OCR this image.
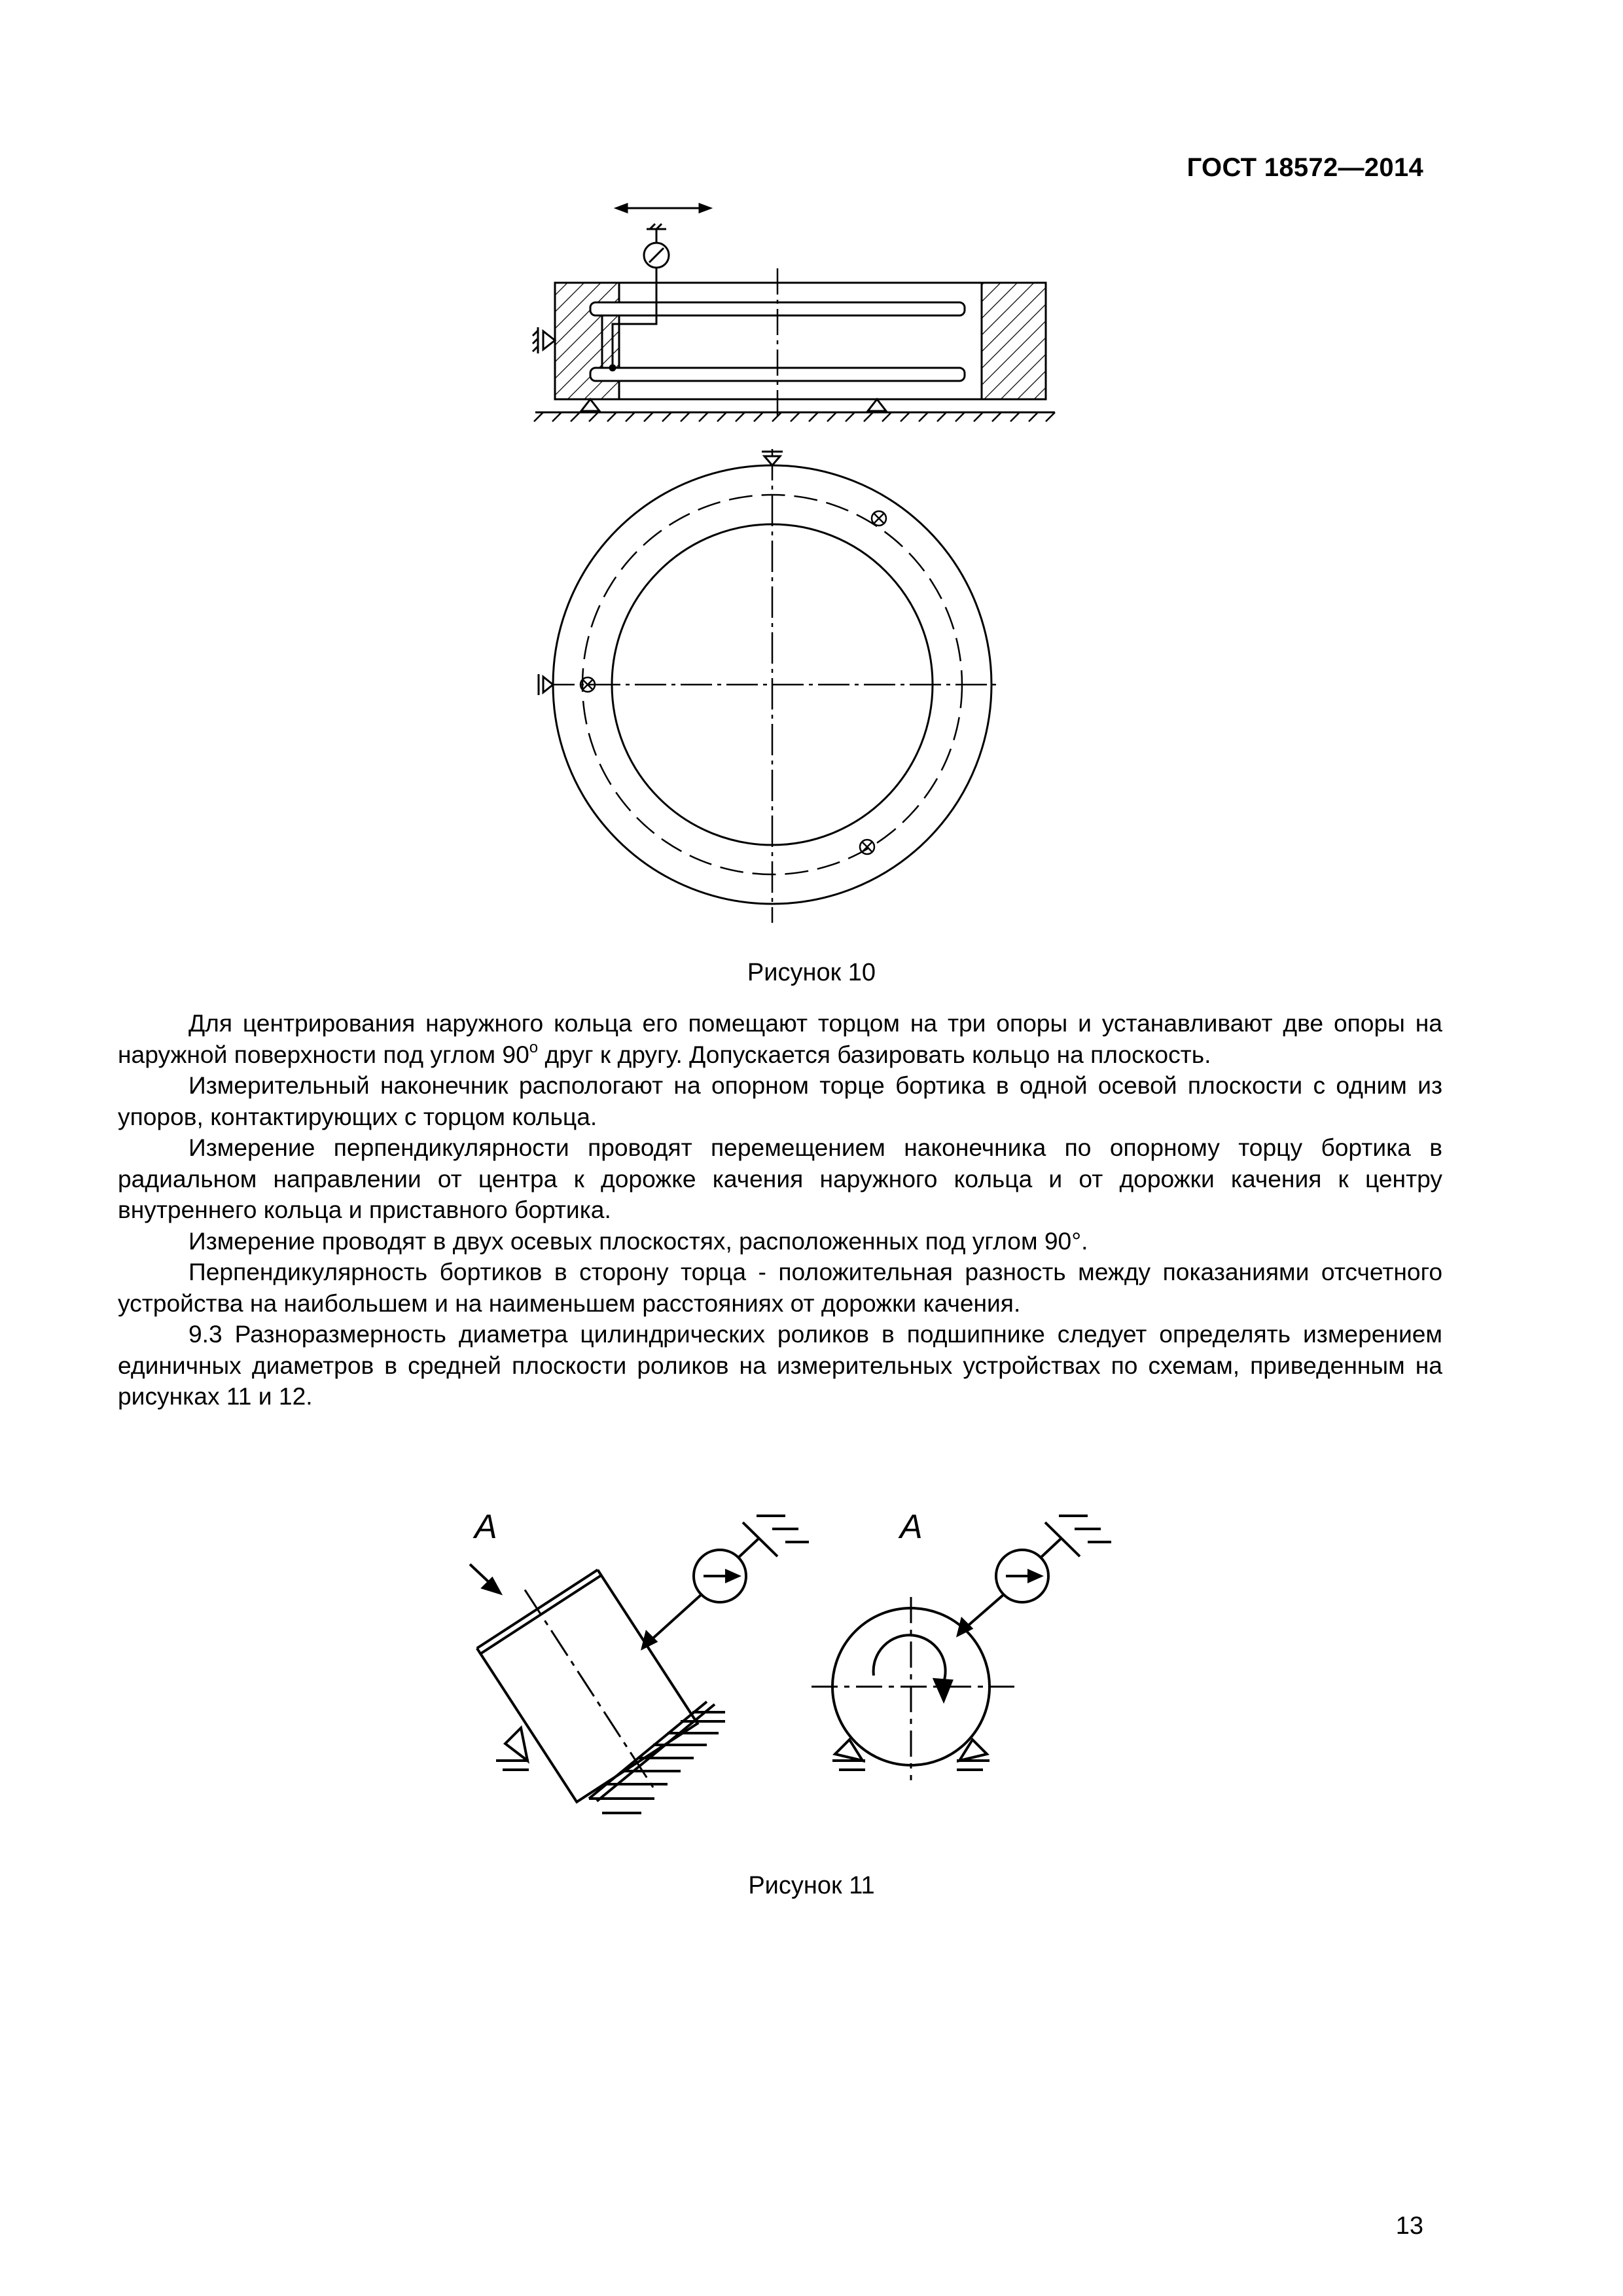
ГОСТ 18572—2014
Рисунок 10

Для центрирования наружного кольца его помещают торцом на три опоры и устанавливают две опоры на наружной поверхности под углом $90^о$ друг к другу. Допускается базировать кольцо на плоскость.

Измерительный наконечник распологают на опорном торце бортика в одной осевой плоскости с одним из упоров, контактирующих с торцом кольца.

Измерение перпендикулярности проводят перемещением наконечника по опорному торцу бортика в радиальном направлении от центра к дорожке качения наружного кольца и от дорожки качения к центру внутреннего кольца и приставного бортика.

Измерение проводят в двух осевых плоскостях, расположенных под углом 90°.

Перпендикулярность бортиков в сторону торца - положительная разность между показаниями отсчетного устройства на наибольшем и на наименьшем расстояниях от дорожки качения.

9.3 Разноразмерность диаметра цилиндрических роликов в подшипнике следует определять измерением единичных диаметров в средней плоскости роликов на измерительных устройствах по схемам, приведенным на рисунках 11 и 12.

A	A
Рисунок 11
13
